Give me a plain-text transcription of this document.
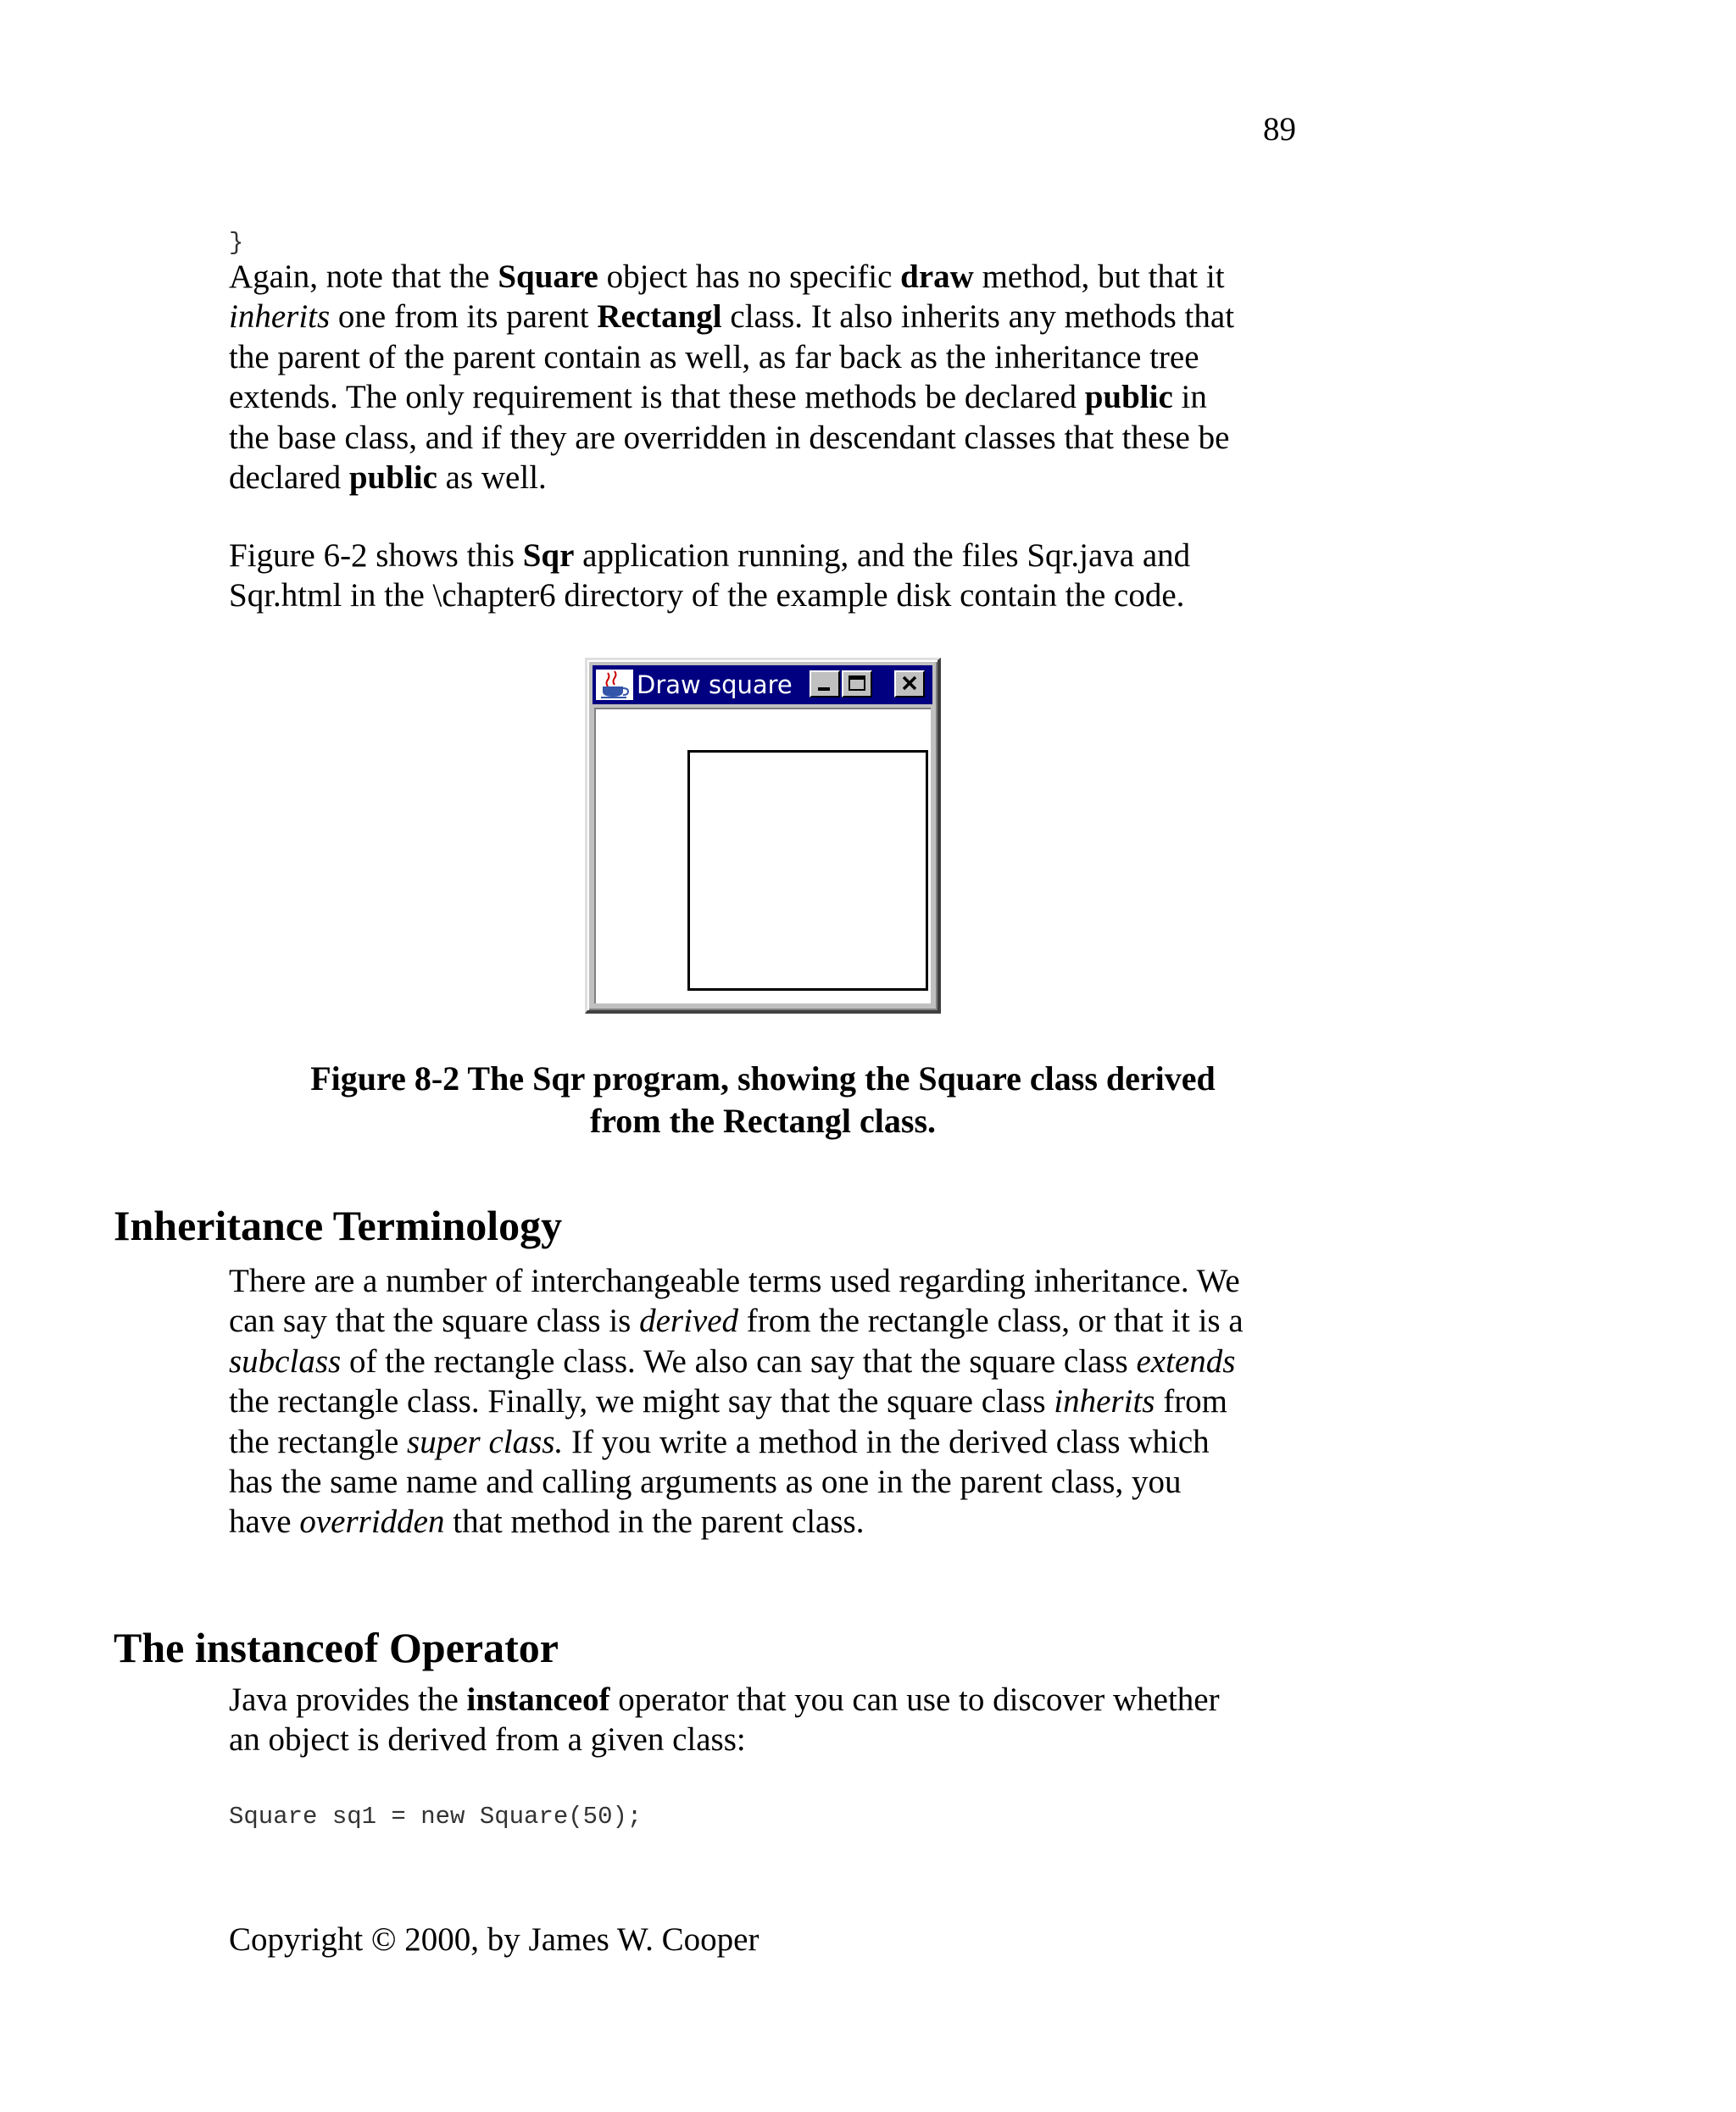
89
}
Again, note that the Square object has no specific draw method, but that it
inherits one from its parent Rectangl class. It also inherits any methods that
the parent of the parent contain as well, as far back as the inheritance tree
extends. The only requirement is that these methods be declared public in
the base class, and if they are overridden in descendant classes that these be
declared public as well.
Figure 6-2 shows this Sqr application running, and the files Sqr.java and
Sqr.html in the \chapter6 directory of the example disk contain the code.
Draw square
Figure 8-2 The Sqr program, showing the Square class derived
from the Rectangl class.
Inheritance Terminology
There are a number of interchangeable terms used regarding inheritance. We
can say that the square class is derived from the rectangle class, or that it is a
subclass of the rectangle class. We also can say that the square class extends
the rectangle class. Finally, we might say that the square class inherits from
the rectangle super class. If you write a method in the derived class which
has the same name and calling arguments as one in the parent class, you
have overridden that method in the parent class.
The instanceof Operator
Java provides the instanceof operator that you can use to discover whether
an object is derived from a given class:
Square sq1 = new Square(50);
Copyright © 2000, by James W. Cooper
